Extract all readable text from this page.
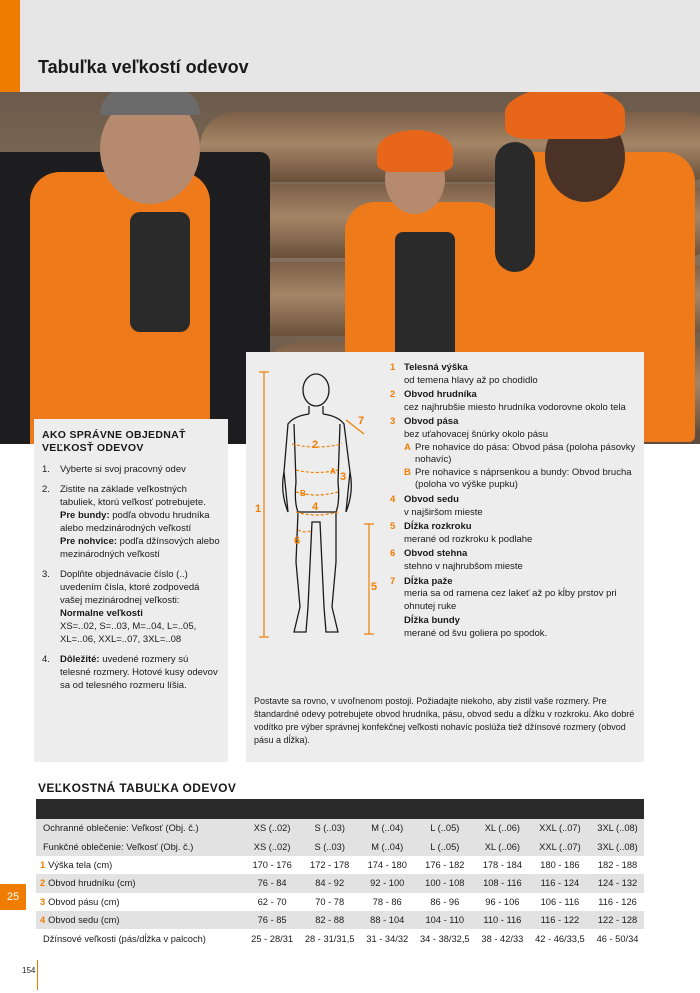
Tabuľka veľkostí odevov
AKO SPRÁVNE OBJEDNAŤ VEĽKOSŤ ODEVOV
1.	Vyberte si svoj pracovný odev
2.	Zistite na základe veľkostných tabuliek, ktorú veľkosť potrebujete.
Pre bundy: podľa obvodu hrudníka alebo medzinárodných veľkostí
Pre nohvice: podľa džínsových alebo mezinárodných veľkostí
3.	Doplňte objednávacie číslo (..) uvedením čísla, ktoré zodpovedá vašej mezinárodnej veľkosti:
Normalne veľkosti
XS=..02, S=..03, M=..04, L=..05, XL=..06, XXL=..07, 3XL=..08
4.	Dôležité: uvedené rozmery sú telesné rozmery. Hotové kusy odevov sa od telesného rozmeru líšia.
1
2
3
4
5
6
7
A
B
1 Telesná výška
od temena hlavy až po chodidlo
2 Obvod hrudníka
cez najhrubšie miesto hrudníka vodorovne okolo tela
3 Obvod pása
bez uťahovacej šnúrky okolo pásu
A Pre nohavice do pása: Obvod pása (poloha pásovky nohavíc)
B Pre nohavice s náprsenkou a bundy: Obvod brucha (poloha vo výške pupku)
4 Obvod sedu
v najširšom mieste
5 Dĺžka rozkroku
merané od rozkroku k podlahe
6 Obvod stehna
stehno v najhrubšom mieste
7 Dĺžka paže
meria sa od ramena cez lakeť až po kĺby prstov pri ohnutej ruke
Dĺžka bundy
merané od švu goliera po spodok.

Postavte sa rovno, v uvoľnenom postoji. Požiadajte niekoho, aby zistil vaše rozmery. Pre štandardné odevy potrebujete obvod hrudníka, pásu, obvod sedu a dĺžku v rozkroku. Ako dobré vodítko pre výber správnej konfekčnej veľkosti nohavíc poslúža tiež džínsové rozmery (obvod pásu a dĺžka).

VEĽKOSTNÁ TABUĽKA ODEVOV

Ochranné oblečenie: Veľkosť (Obj. č.)	XS (..02)	S (..03)	M (..04)	L (..05)	XL (..06)	XXL (..07)	3XL (..08)
Funkčné oblečenie: Veľkosť (Obj. č.)	XS (..02)	S (..03)	M (..04)	L (..05)	XL (..06)	XXL (..07)	3XL (..08)
1 Výška tela (cm)	170 - 176	172 - 178	174 - 180	176 - 182	178 - 184	180 - 186	182 - 188
2 Obvod hrudníku (cm)	76 - 84	84 - 92	92 - 100	100 - 108	108 - 116	116 - 124	124 - 132
3 Obvod pásu (cm)	62 - 70	70 - 78	78 - 86	86 - 96	96 - 106	106 - 116	116 - 126
4 Obvod sedu (cm)	76 - 85	82 - 88	88 - 104	104 - 110	110 - 116	116 - 122	122 - 128
Džínsové veľkosti (pás/dĺžka v palcoch)	25 - 28/31	28 - 31/31,5	31 - 34/32	34 - 38/32,5	38 - 42/33	42 - 46/33,5	46 - 50/34
25
154
